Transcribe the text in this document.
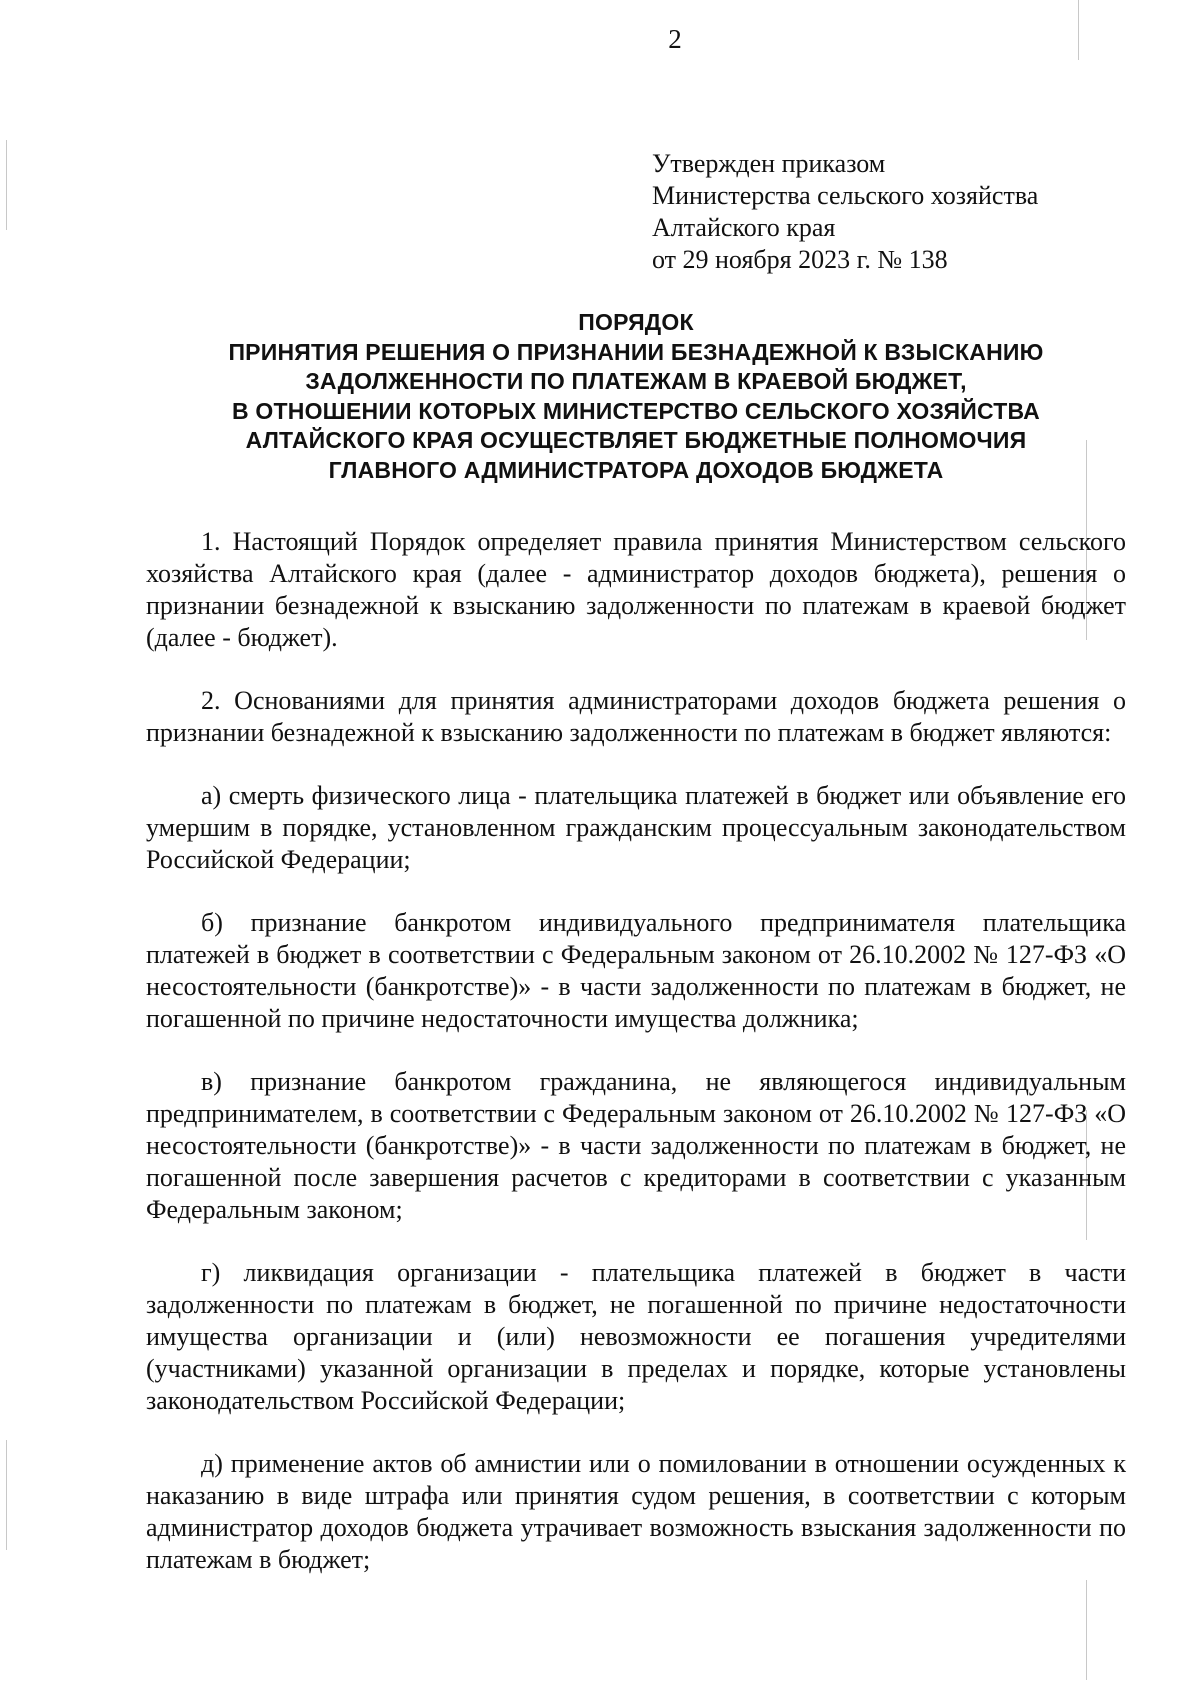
2
Утвержден приказом
Министерства сельского хозяйства
Алтайского края
от 29 ноября 2023 г. № 138
ПОРЯДОК
ПРИНЯТИЯ РЕШЕНИЯ О ПРИЗНАНИИ БЕЗНАДЕЖНОЙ К ВЗЫСКАНИЮ
ЗАДОЛЖЕННОСТИ ПО ПЛАТЕЖАМ В КРАЕВОЙ БЮДЖЕТ,
В ОТНОШЕНИИ КОТОРЫХ МИНИСТЕРСТВО СЕЛЬСКОГО ХОЗЯЙСТВА
АЛТАЙСКОГО КРАЯ ОСУЩЕСТВЛЯЕТ БЮДЖЕТНЫЕ ПОЛНОМОЧИЯ
ГЛАВНОГО АДМИНИСТРАТОРА ДОХОДОВ БЮДЖЕТА

1. Настоящий Порядок определяет правила принятия Министерством сельского хозяйства Алтайского края (далее - администратор доходов бюджета), решения о признании безнадежной к взысканию задолженности по платежам в краевой бюджет (далее - бюджет).

2. Основаниями для принятия администраторами доходов бюджета решения о признании безнадежной к взысканию задолженности по платежам в бюджет являются:

а) смерть физического лица - плательщика платежей в бюджет или объявление его умершим в порядке, установленном гражданским процессуальным законодательством Российской Федерации;

б) признание банкротом индивидуального предпринимателя плательщика платежей в бюджет в соответствии с Федеральным законом от 26.10.2002 № 127-ФЗ «О несостоятельности (банкротстве)» - в части задолженности по платежам в бюджет, не погашенной по причине недостаточности имущества должника;

в) признание банкротом гражданина, не являющегося индивидуальным предпринимателем, в соответствии с Федеральным законом от 26.10.2002 № 127-ФЗ «О несостоятельности (банкротстве)» - в части задолженности по платежам в бюджет, не погашенной после завершения расчетов с кредиторами в соответствии с указанным Федеральным законом;

г) ликвидация организации - плательщика платежей в бюджет в части задолженности по платежам в бюджет, не погашенной по причине недостаточности имущества организации и (или) невозможности ее погашения учредителями (участниками) указанной организации в пределах и порядке, которые установлены законодательством Российской Федерации;

д) применение актов об амнистии или о помиловании в отношении осужденных к наказанию в виде штрафа или принятия судом решения, в соответствии с которым администратор доходов бюджета утрачивает возможность взыскания задолженности по платежам в бюджет;
